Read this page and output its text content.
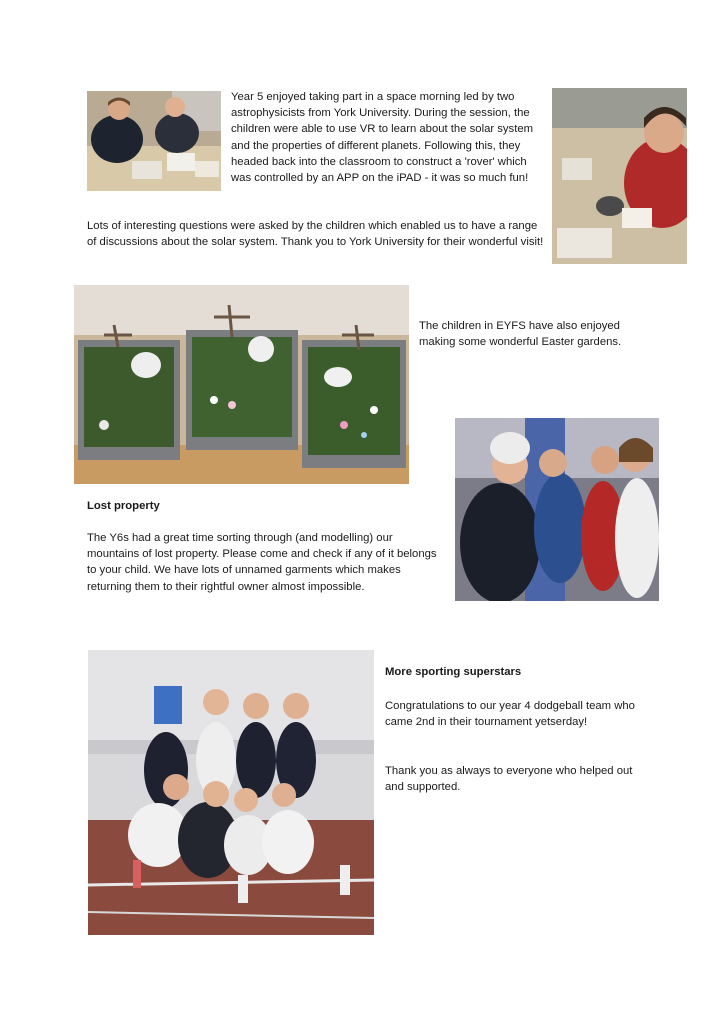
Year 5 enjoyed taking part in a space morning led by two astrophysicists from York University. During the session, the children were able to use VR to learn about the solar system and the properties of different planets. Following this, they headed back into the classroom to construct a 'rover' which was controlled by an APP on the iPAD - it was so much fun!
Lots of interesting questions were asked by the children which enabled us to have a range of discussions about the solar system. Thank you to York University for their wonderful visit!
The children in EYFS have also enjoyed making some wonderful Easter gardens.
Lost property
The Y6s had a great time sorting through (and modelling) our mountains of lost property. Please come and check if any of it belongs to your child. We have lots of unnamed garments which makes returning them to their rightful owner almost impossible.
More sporting superstars
Congratulations to our year 4 dodgeball team who came 2nd in their tournament yetserday!
Thank you as always to everyone who helped out and supported.
